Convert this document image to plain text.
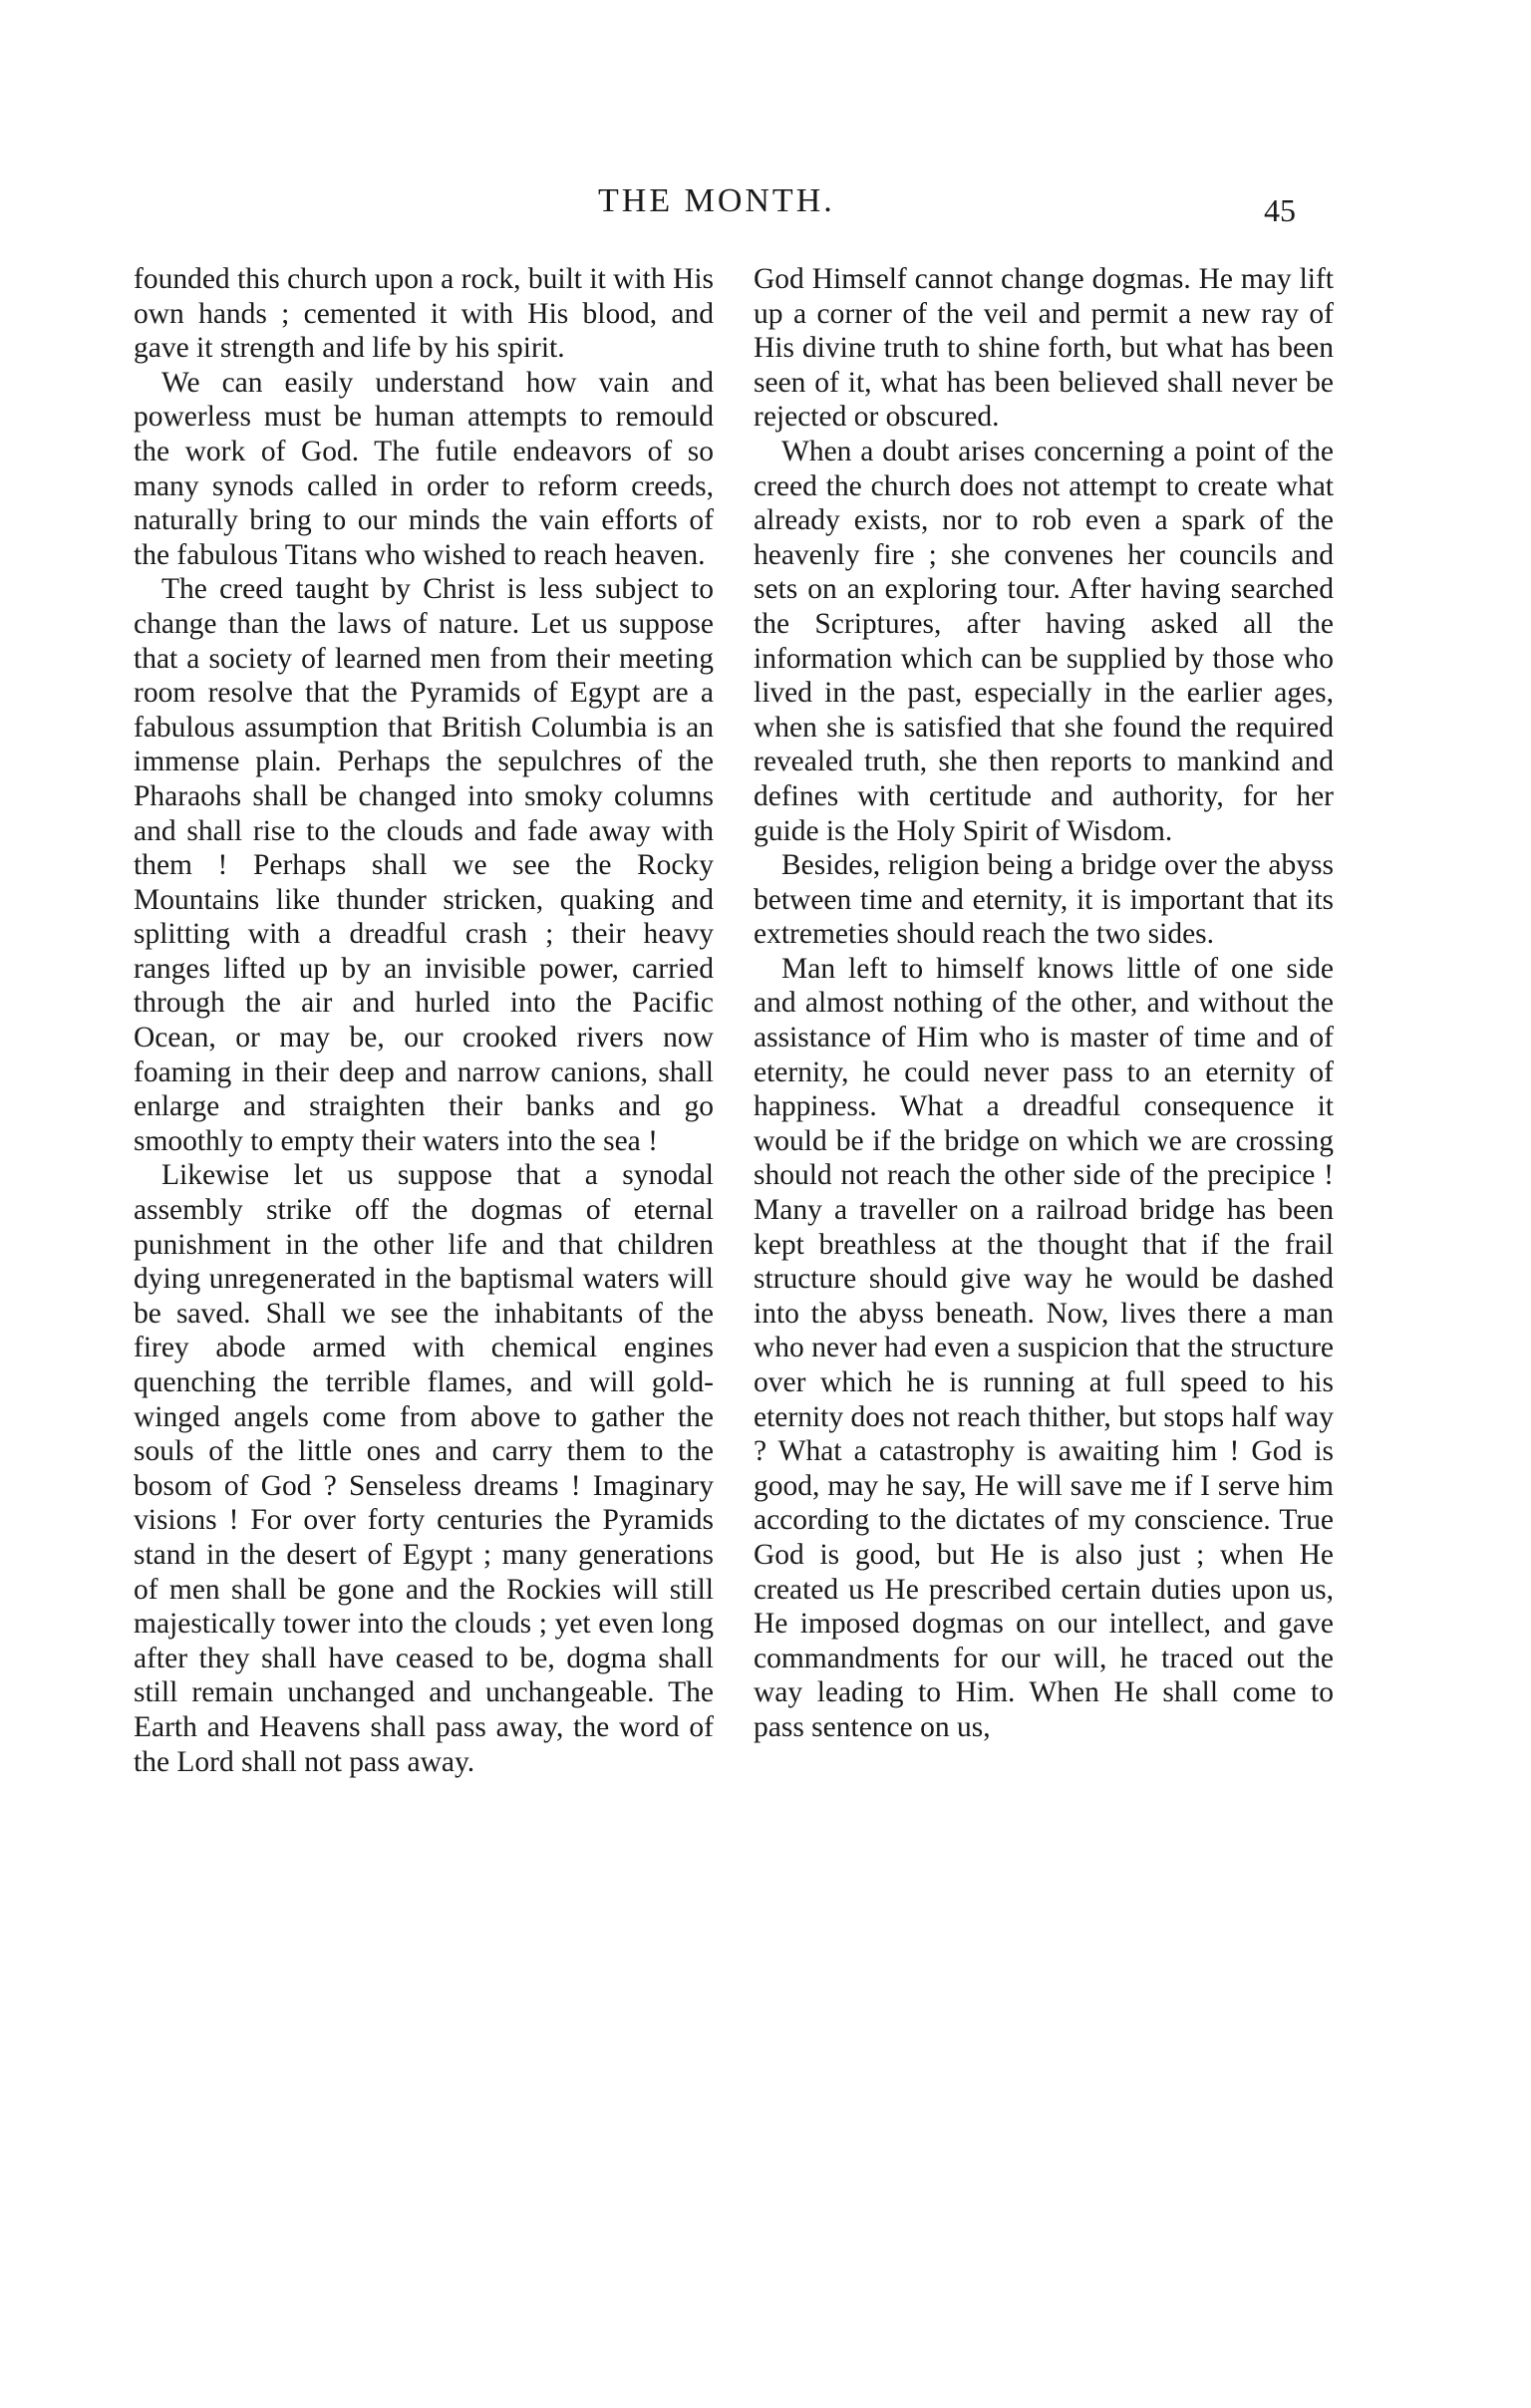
THE MONTH.	45

founded this church upon a rock, built it with His own hands ; cemented it with His blood, and gave it strength and life by his spirit.

We can easily understand how vain and powerless must be human attempts to remould the work of God. The futile endeavors of so many synods called in order to reform creeds, naturally bring to our minds the vain efforts of the fabulous Titans who wished to reach heaven.

The creed taught by Christ is less subject to change than the laws of nature. Let us suppose that a society of learned men from their meeting room resolve that the Pyramids of Egypt are a fabulous assumption that British Columbia is an immense plain. Perhaps the sepulchres of the Pharaohs shall be changed into smoky columns and shall rise to the clouds and fade away with them ! Perhaps shall we see the Rocky Mountains like thunder stricken, quaking and splitting with a dreadful crash ; their heavy ranges lifted up by an invisible power, carried through the air and hurled into the Pacific Ocean, or may be, our crooked rivers now foaming in their deep and narrow canions, shall enlarge and straighten their banks and go smoothly to empty their waters into the sea !

Likewise let us suppose that a synodal assembly strike off the dogmas of eternal punishment in the other life and that children dying unregenerated in the baptismal waters will be saved. Shall we see the inhabitants of the firey abode armed with chemical engines quenching the terrible flames, and will gold-winged angels come from above to gather the souls of the little ones and carry them to the bosom of God ? Senseless dreams ! Imaginary visions ! For over forty centuries the Pyramids stand in the desert of Egypt ; many generations of men shall be gone and the Rockies will still majestically tower into the clouds ; yet even long after they shall have ceased to be, dogma shall still remain unchanged and unchangeable. The Earth and Heavens shall pass away, the word of the Lord shall not pass away.

God Himself cannot change dogmas. He may lift up a corner of the veil and permit a new ray of His divine truth to shine forth, but what has been seen of it, what has been believed shall never be rejected or obscured.

When a doubt arises concerning a point of the creed the church does not attempt to create what already exists, nor to rob even a spark of the heavenly fire ; she convenes her councils and sets on an exploring tour. After having searched the Scriptures, after having asked all the information which can be supplied by those who lived in the past, especially in the earlier ages, when she is satisfied that she found the required revealed truth, she then reports to mankind and defines with certitude and authority, for her guide is the Holy Spirit of Wisdom.

Besides, religion being a bridge over the abyss between time and eternity, it is important that its extremeties should reach the two sides.

Man left to himself knows little of one side and almost nothing of the other, and without the assistance of Him who is master of time and of eternity, he could never pass to an eternity of happiness. What a dreadful consequence it would be if the bridge on which we are crossing should not reach the other side of the precipice ! Many a traveller on a railroad bridge has been kept breathless at the thought that if the frail structure should give way he would be dashed into the abyss beneath. Now, lives there a man who never had even a suspicion that the structure over which he is running at full speed to his eternity does not reach thither, but stops half way ? What a catastrophy is awaiting him ! God is good, may he say, He will save me if I serve him according to the dictates of my conscience. True God is good, but He is also just ; when He created us He prescribed certain duties upon us, He imposed dogmas on our intellect, and gave commandments for our will, he traced out the way leading to Him. When He shall come to pass sentence on us,
